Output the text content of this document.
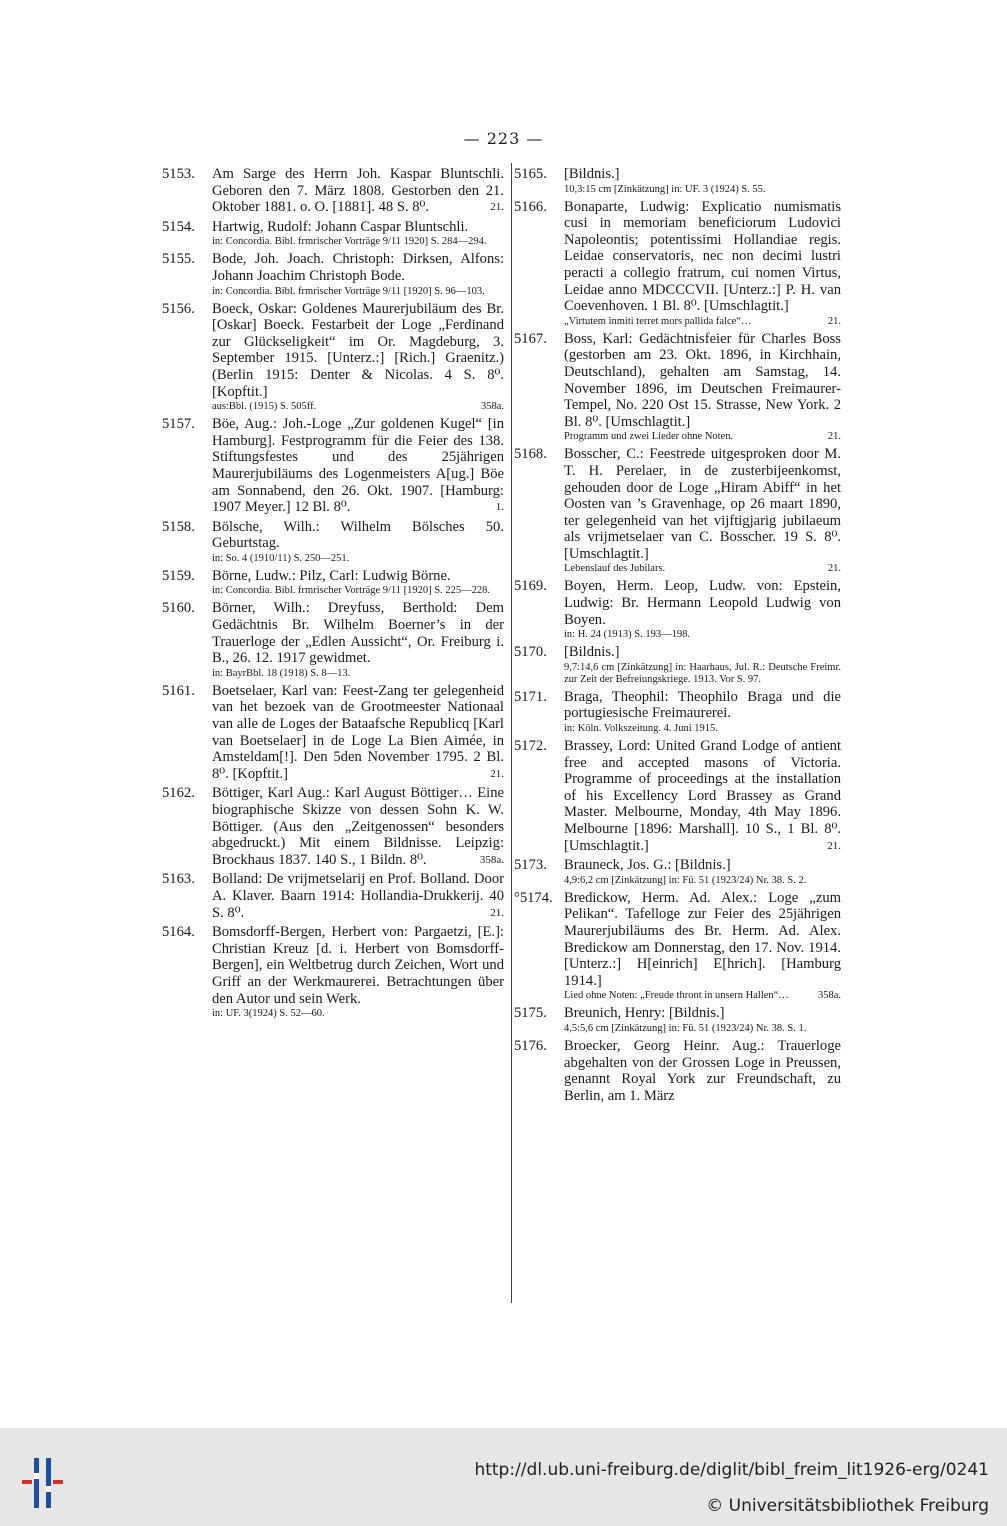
— 223 —
5153.	Am Sarge des Herrn Joh. Kaspar Bluntschli. Geboren den 7. März 1808. Gestorben den 21. Oktober 1881. o. O. [1881]. 48 S. 8⁰.	21.
5154.	Hartwig, Rudolf: Johann Caspar Bluntschli.
in: Concordia. Bibl. frmrischer Vorträge 9/11 1920] S. 284—294.
5155.	Bode, Joh. Joach. Christoph: Dirksen, Alfons: Johann Joachim Christoph Bode.
in: Concordia. Bibl. frmrischer Vorträge 9/11 [1920] S. 96—103.
5156.	Boeck, Oskar: Goldenes Maurerjubiläum des Br. [Oskar] Boeck. Festarbeit der Loge „Ferdinand zur Glückseligkeit“ im Or. Magdeburg, 3. September 1915. [Unterz.:] [Rich.] Graenitz.) (Berlin 1915: Denter & Nicolas. 4 S. 8⁰. [Kopftit.]
aus:Bbl. (1915) S. 505ff.	358a.
5157.	Böe, Aug.: Joh.-Loge „Zur goldenen Kugel“ [in Hamburg]. Festprogramm für die Feier des 138. Stiftungsfestes und des 25jährigen Maurerjubiläums des Logenmeisters A[ug.] Böe am Sonnabend, den 26. Okt. 1907. [Hamburg: 1907 Meyer.] 12 Bl. 8⁰.	1.
5158.	Bölsche, Wilh.: Wilhelm Bölsches 50. Geburtstag.
in: So. 4 (1910/11) S. 250—251.
5159.	Börne, Ludw.: Pilz, Carl: Ludwig Börne.
in: Concordia. Bibl. frmrischer Vorträge 9/11 [1920] S. 225—228.
5160.	Börner, Wilh.: Dreyfuss, Berthold: Dem Gedächtnis Br. Wilhelm Boerner’s in der Trauerloge der „Edlen Aussicht“, Or. Freiburg i. B., 26. 12. 1917 gewidmet.
in: BayrBbl. 18 (1918) S. 8—13.
5161.	Boetselaer, Karl van: Feest-Zang ter gelegenheid van het bezoek van de Grootmeester Nationaal van alle de Loges der Bataafsche Republicq [Karl van Boetselaer] in de Loge La Bien Aimée, in Amsteldam[!]. Den 5den November 1795. 2 Bl. 8⁰. [Kopftit.]	21.
5162.	Böttiger, Karl Aug.: Karl August Böttiger… Eine biographische Skizze von dessen Sohn K. W. Böttiger. (Aus den „Zeitgenossen“ besonders abgedruckt.) Mit einem Bildnisse. Leipzig: Brockhaus 1837. 140 S., 1 Bildn. 8⁰.	358a.
5163.	Bolland: De vrijmetselarij en Prof. Bolland. Door A. Klaver. Baarn 1914: Hollandia-Drukkerij. 40 S. 8⁰.	21.
5164.	Bomsdorff-Bergen, Herbert von: Pargaetzi, [E.]: Christian Kreuz [d. i. Herbert von Bomsdorff-Bergen], ein Weltbetrug durch Zeichen, Wort und Griff an der Werkmaurerei. Betrachtungen über den Autor und sein Werk.
in: UF. 3(1924) S. 52—60.
5165.	[Bildnis.]
10,3:15 cm [Zinkätzung] in: UF. 3 (1924) S. 55.
5166.	Bonaparte, Ludwig: Explicatio numismatis cusi in memoriam beneficiorum Ludovici Napoleontis; potentissimi Hollandiae regis. Leidae conservatoris, nec non decimi lustri peracti a collegio fratrum, cui nomen Virtus, Leidae anno MDCCCVII. [Unterz.:] P. H. van Coevenhoven. 1 Bl. 8⁰. [Umschlagtit.]
„Virtutem inmiti terret mors pallida falce“…	21.
5167.	Boss, Karl: Gedächtnisfeier für Charles Boss (gestorben am 23. Okt. 1896, in Kirchhain, Deutschland), gehalten am Samstag, 14. November 1896, im Deutschen Freimaurer-Tempel, No. 220 Ost 15. Strasse, New York. 2 Bl. 8⁰. [Umschlagtit.]
Programm und zwei Lieder ohne Noten.	21.
5168.	Bosscher, C.: Feestrede uitgesproken door M. T. H. Perelaer, in de zusterbijeenkomst, gehouden door de Loge „Hiram Abiff“ in het Oosten van ’s Gravenhage, op 26 maart 1890, ter gelegenheid van het vijftigjarig jubilaeum als vrijmetselaer van C. Bosscher. 19 S. 8⁰. [Umschlagtit.]
Lebenslauf des Jubilars.	21.
5169.	Boyen, Herm. Leop, Ludw. von: Epstein, Ludwig: Br. Hermann Leopold Ludwig von Boyen.
in: H. 24 (1913) S. 193—198.
5170.	[Bildnis.]
9,7:14,6 cm [Zinkätzung] in: Haarhaus, Jul. R.: Deutsche Freimr. zur Zeit der Befreiungskriege. 1913. Vor S. 97.
5171.	Braga, Theophil: Theophilo Braga und die portugiesische Freimaurerei.
in: Köln. Volkszeitung. 4. Juni 1915.
5172.	Brassey, Lord: United Grand Lodge of antient free and accepted masons of Victoria. Programme of proceedings at the installation of his Excellency Lord Brassey as Grand Master. Melbourne, Monday, 4th May 1896. Melbourne [1896: Marshall]. 10 S., 1 Bl. 8⁰. [Umschlagtit.]	21.
5173.	Brauneck, Jos. G.: [Bildnis.]
4,9:6,2 cm [Zinkätzung] in: Fü. 51 (1923/24) Nr. 38. S. 2.
°5174. Bredickow, Herm. Ad. Alex.: Loge „zum Pelikan“. Tafelloge zur Feier des 25jährigen Maurerjubiläums des Br. Herm. Ad. Alex. Bredickow am Donnerstag, den 17. Nov. 1914. [Unterz.:] H[einrich] E[hrich]. [Hamburg 1914.]
Lied ohne Noten: „Freude thront in unsern Hallen“…	358a.
5175.	Breunich, Henry: [Bildnis.]
4,5:5,6 cm [Zinkätzung] in: Fü. 51 (1923/24) Nr. 38. S. 1.
5176.	Broecker, Georg Heinr. Aug.: Trauerloge abgehalten von der Grossen Loge in Preussen, genannt Royal York zur Freundschaft, zu Berlin, am 1. März
http://dl.ub.uni-freiburg.de/diglit/bibl_freim_lit1926-erg/0241
© Universitätsbibliothek Freiburg
